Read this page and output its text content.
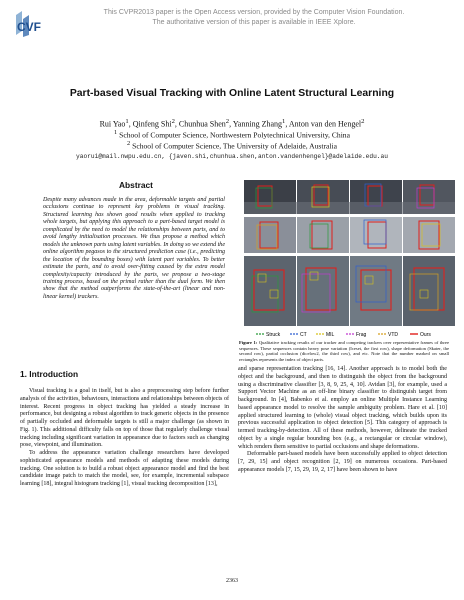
CVF
This CVPR2013 paper is the Open Access version, provided by the Computer Vision Foundation.
The authoritative version of this paper is available in IEEE Xplore.
Part-based Visual Tracking with Online Latent Structural Learning
Rui Yao$^1$, Qinfeng Shi$^2$, Chunhua Shen$^2$, Yanning Zhang$^1$, Anton van den Hengel$^2$
$^1$ School of Computer Science, Northwestern Polytechnical University, China
$^2$ School of Computer Science, The University of Adelaide, Australia
yaorui@mail.nwpu.edu.cn, {javen.shi,chunhua.shen,anton.vandenhengel}@adelaide.edu.au
Abstract
Despite many advances made in the area, deformable targets and partial occlusions continue to represent key problems in visual tracking. Structured learning has shown good results when applied to tracking whole targets, but applying this approach to a part-based target model is complicated by the need to model the relationships between parts, and to avoid lengthy initialisation processes. We thus propose a method which models the unknown parts using latent variables. In doing so we extend the online algorithm pegasos to the structured prediction case (i.e., predicting the location of the bounding boxes) with latent part variables. To better estimate the parts, and to avoid over-fitting caused by the extra model complexity/capacity introduced by the parts, we propose a two-stage training process, based on the primal rather than the dual form. We then show that the method outperforms the state-of-the-art (linear and non-linear kernel) trackers.
1. Introduction

Visual tracking is a goal in itself, but is also a preprocessing step before further analysis of the activities, behaviours, interactions and relationships between objects of interest. Recent progress in object tracking has yielded a steady increase in performance, but designing a robust algorithm to track generic objects in the presence of partially occluded and deformable targets is still a major challenge (as shown in Fig. 1). This additional difficulty falls on top of those that regularly challenge visual tracking including significant variation in appearance due to factors such as changing pose, viewpoint, and illumination.

To address the appearance variation challenge researchers have developed sophisticated appearance models and methods of adapting these models during tracking. One solution is to build a robust object appearance model and find the best candidate image patch to match the model, see, for example, incremental subspace learning [18], integral histogram tracking [1], visual tracking decomposition [13],

Struck	CT	MIL	Frag	VTD	Ours
Figure 1: Qualitative tracking results of our tracker and competing trackers over representative frames of three sequences. These sequences contain heavy pose variation (Iceset, the first row), shape deformation (Skater, the second row), partial occlusion (dicelow2, the third row), and etc. Note that the number marked on small rectangles represents the index of object parts.

and sparse representation tracking [16, 14]. Another approach is to model both the object and the background, and then to distinguish the object from the background using a discriminative classifier [3, 8, 9, 25, 4, 10]. Avidan [3], for example, used a Support Vector Machine as an off-line binary classifier to distinguish target from background. In [4], Babenko et al. employ an online Multiple Instance Learning based appearance model to resolve the sample ambiguity problem. Hare et al. [10] applied structured learning to (whole) visual object tracking, which builds upon its previous successful application to object detection [5]. This category of approach is termed tracking-by-detection. All of these methods, however, delineate the tracked object by a single regular bounding box (e.g., a rectangular or circular window), which renders them sensitive to partial occlusions and shape deformations.

Deformable part-based models have been successfully applied to object detection [7, 29, 15] and object recognition [2, 19] on numerous occasions. Part-based appearance models [7, 15, 29, 19, 2, 17] have been shown to have

2363
